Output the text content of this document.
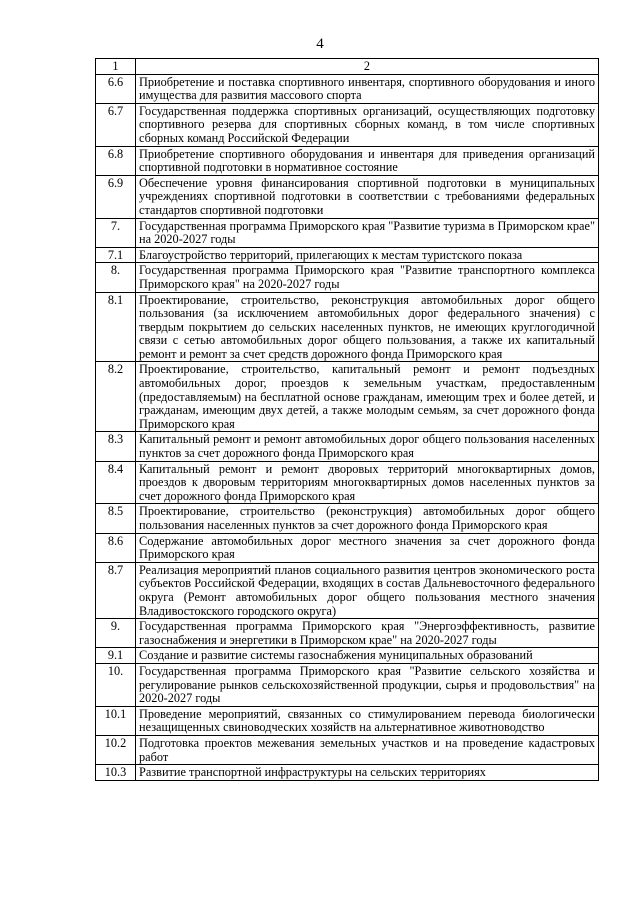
4
1	2
6.6	Приобретение и поставка спортивного инвентаря, спортивного оборудования и иного имущества для развития массового спорта
6.7	Государственная поддержка спортивных организаций, осуществляющих подготовку спортивного резерва для спортивных сборных команд, в том числе спортивных сборных команд Российской Федерации
6.8	Приобретение спортивного оборудования и инвентаря для приведения организаций спортивной подготовки в нормативное состояние
6.9	Обеспечение уровня финансирования спортивной подготовки в муниципальных учреждениях спортивной подготовки в соответствии с требованиями федеральных стандартов спортивной подготовки
7.	Государственная программа Приморского края "Развитие туризма в Приморском крае" на 2020-2027 годы
7.1	Благоустройство территорий, прилегающих к местам туристского показа
8.	Государственная программа Приморского края "Развитие транспортного комплекса Приморского края" на 2020-2027 годы
8.1	Проектирование, строительство, реконструкция автомобильных дорог общего пользования (за исключением автомобильных дорог федерального значения) с твердым покрытием до сельских населенных пунктов, не имеющих круглогодичной связи с сетью автомобильных дорог общего пользования, а также их капитальный ремонт и ремонт за счет средств дорожного фонда Приморского края
8.2	Проектирование, строительство, капитальный ремонт и ремонт подъездных автомобильных дорог, проездов к земельным участкам, предоставленным (предоставляемым) на бесплатной основе гражданам, имеющим трех и более детей, и гражданам, имеющим двух детей, а также молодым семьям, за счет дорожного фонда Приморского края
8.3	Капитальный ремонт и ремонт автомобильных дорог общего пользования населенных пунктов за счет дорожного фонда Приморского края
8.4	Капитальный ремонт и ремонт дворовых территорий многоквартирных домов, проездов к дворовым территориям многоквартирных домов населенных пунктов за счет дорожного фонда Приморского края
8.5	Проектирование, строительство (реконструкция) автомобильных дорог общего пользования населенных пунктов за счет дорожного фонда Приморского края
8.6	Содержание автомобильных дорог местного значения за счет дорожного фонда Приморского края
8.7	Реализация мероприятий планов социального развития центров экономического роста субъектов Российской Федерации, входящих в состав Дальневосточного федерального округа (Ремонт автомобильных дорог общего пользования местного значения Владивостокского городского округа)
9.	Государственная программа Приморского края "Энергоэффективность, развитие газоснабжения и энергетики в Приморском крае" на 2020-2027 годы
9.1	Создание и развитие системы газоснабжения муниципальных образований
10.	Государственная программа Приморского края "Развитие сельского хозяйства и регулирование рынков сельскохозяйственной продукции, сырья и продовольствия" на 2020-2027 годы
10.1	Проведение мероприятий, связанных со стимулированием перевода биологически незащищенных свиноводческих хозяйств на альтернативное животноводство
10.2	Подготовка проектов межевания земельных участков и на проведение кадастровых работ
10.3	Развитие транспортной инфраструктуры на сельских территориях
